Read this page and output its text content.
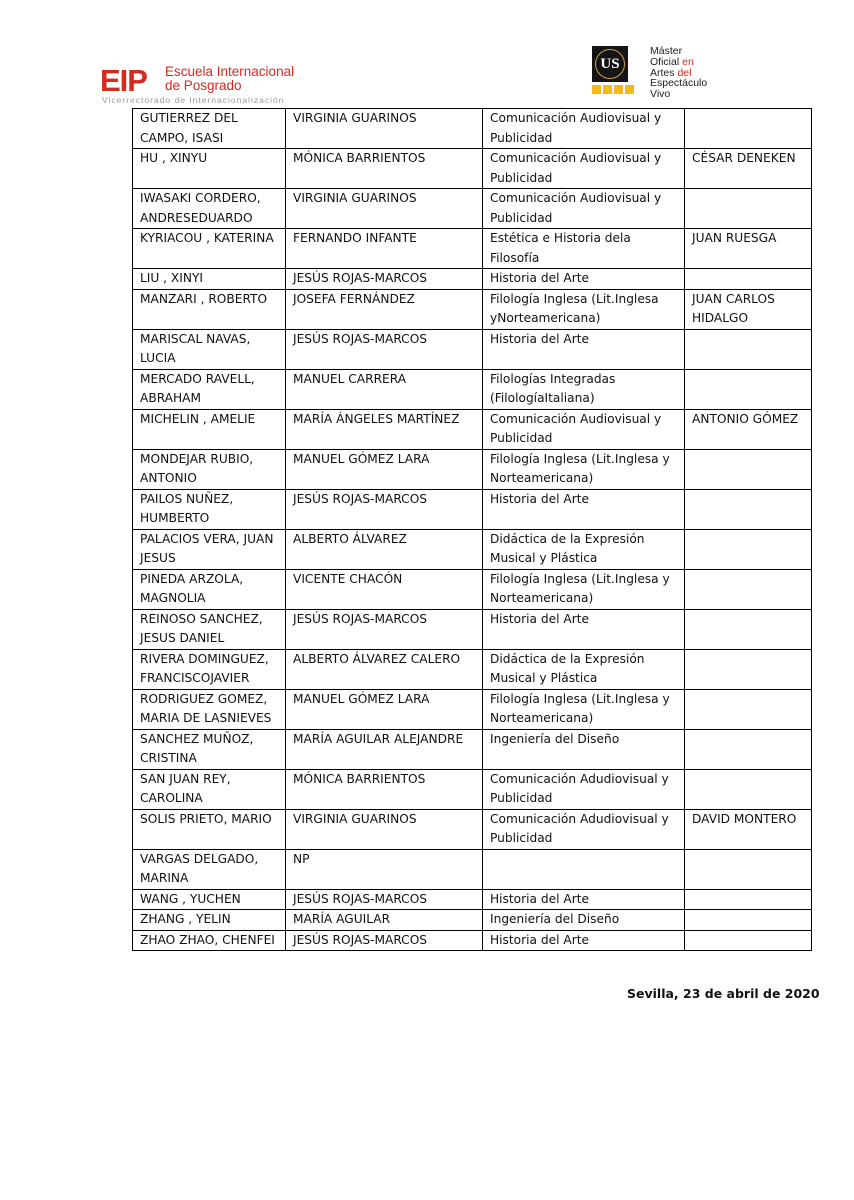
EIP Escuela Internacional
de Posgrado
Vicerrectorado de Internacionalización
US
Máster
Oficial en
Artes del
Espectáculo
Vivo
GUTIERREZ DEL CAMPO, ISASI	VIRGINIA GUARINOS	Comunicación Audiovisual y Publicidad	
HU , XINYU	MÓNICA BARRIENTOS	Comunicación Audiovisual y Publicidad	CÉSAR DENEKEN
IWASAKI CORDERO, ANDRESEDUARDO	VIRGINIA GUARINOS	Comunicación Audiovisual y Publicidad	
KYRIACOU , KATERINA	FERNANDO INFANTE	Estética e Historia dela Filosofía	JUAN RUESGA
LIU , XINYI	JESÚS ROJAS-MARCOS	Historia del Arte	
MANZARI , ROBERTO	JOSEFA FERNÁNDEZ	Filología Inglesa (Lit.Inglesa yNorteamericana)	JUAN CARLOS HIDALGO
MARISCAL NAVAS, LUCIA	JESÚS ROJAS-MARCOS	Historia del Arte	
MERCADO RAVELL, ABRAHAM	MANUEL CARRERA	Filologías Integradas (FilologíaItaliana)	
MICHELIN , AMELIE	MARÍA ÁNGELES MARTÍNEZ	Comunicación Audiovisual y Publicidad	ANTONIO GÓMEZ
MONDEJAR RUBIO, ANTONIO	MANUEL GÓMEZ LARA	Filología Inglesa (Lit.Inglesa y Norteamericana)	
PAILOS NUÑEZ, HUMBERTO	JESÚS ROJAS-MARCOS	Historia del Arte	
PALACIOS VERA, JUAN JESUS	ALBERTO ÁLVAREZ	Didáctica de la Expresión Musical y Plástica	
PINEDA ARZOLA, MAGNOLIA	VICENTE CHACÓN	Filología Inglesa (Lit.Inglesa y Norteamericana)	
REINOSO SANCHEZ, JESUS DANIEL	JESÚS ROJAS-MARCOS	Historia del Arte	
RIVERA DOMINGUEZ, FRANCISCOJAVIER	ALBERTO ÁLVAREZ CALERO	Didáctica de la Expresión Musical y Plástica	
RODRIGUEZ GOMEZ, MARIA DE LASNIEVES	MANUEL GÓMEZ LARA	Filología Inglesa (Lit.Inglesa y Norteamericana)	
SANCHEZ MUÑOZ, CRISTINA	MARÍA AGUILAR ALEJANDRE	Ingeniería del Diseño	
SAN JUAN REY, CAROLINA	MÓNICA BARRIENTOS	Comunicación Adudiovisual y Publicidad	
SOLIS PRIETO, MARIO	VIRGINIA GUARINOS	Comunicación Adudiovisual y Publicidad	DAVID MONTERO
VARGAS DELGADO, MARINA	NP		
WANG , YUCHEN	JESÚS ROJAS-MARCOS	Historia del Arte	
ZHANG , YELIN	MARÍA AGUILAR	Ingeniería del Diseño	
ZHAO ZHAO, CHENFEI	JESÚS ROJAS-MARCOS	Historia del Arte	
Sevilla, 23 de abril de 2020
